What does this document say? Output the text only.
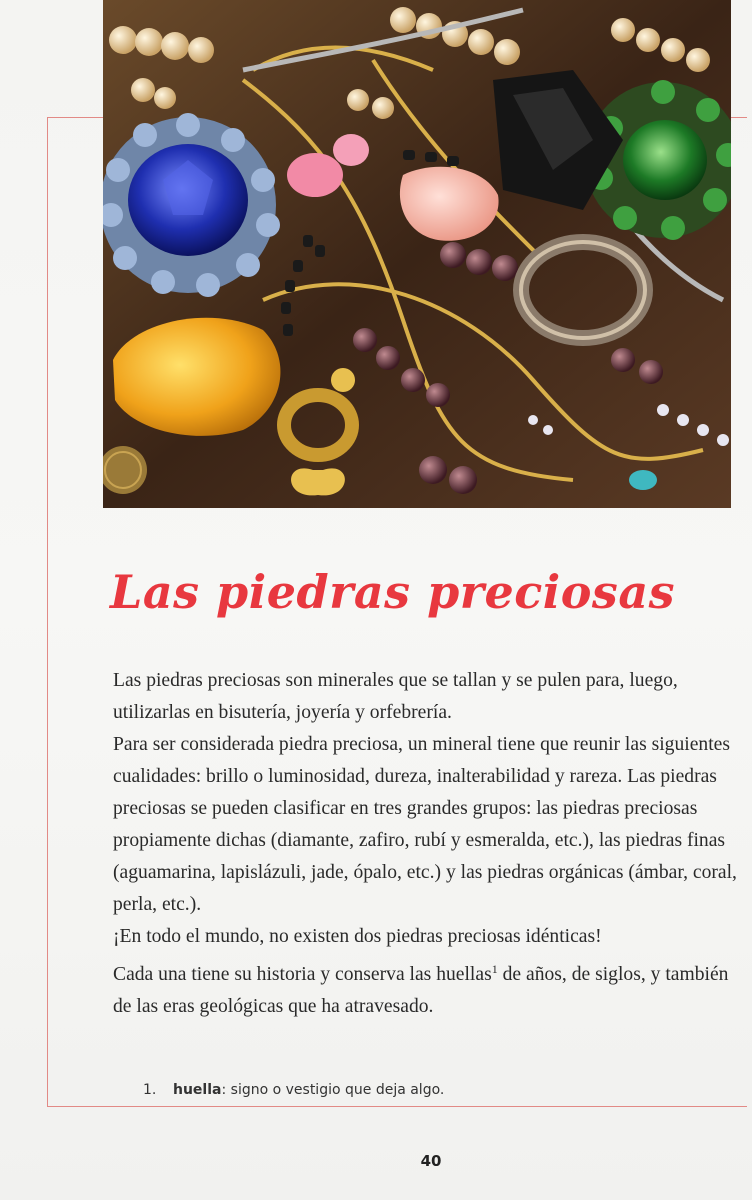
Las piedras preciosas

Las piedras preciosas son minerales que se tallan y se pulen para, luego, utilizarlas en bisutería, joyería y orfebrería.

Para ser considerada piedra preciosa, un mineral tiene que reunir las siguientes cualidades: brillo o luminosidad, dureza, inalterabilidad y rareza. Las piedras preciosas se pueden clasificar en tres grandes grupos: las piedras preciosas propiamente dichas (diamante, zafiro, rubí y esmeralda, etc.), las piedras finas (aguamarina, lapislázuli, jade, ópalo, etc.) y las piedras orgánicas (ámbar, coral, perla, etc.).

¡En todo el mundo, no existen dos piedras preciosas idénticas!

Cada una tiene su historia y conserva las huellas$^1$ de años, de siglos, y también de las eras geológicas que ha atravesado.

1. huella: signo o vestigio que deja algo.
40
